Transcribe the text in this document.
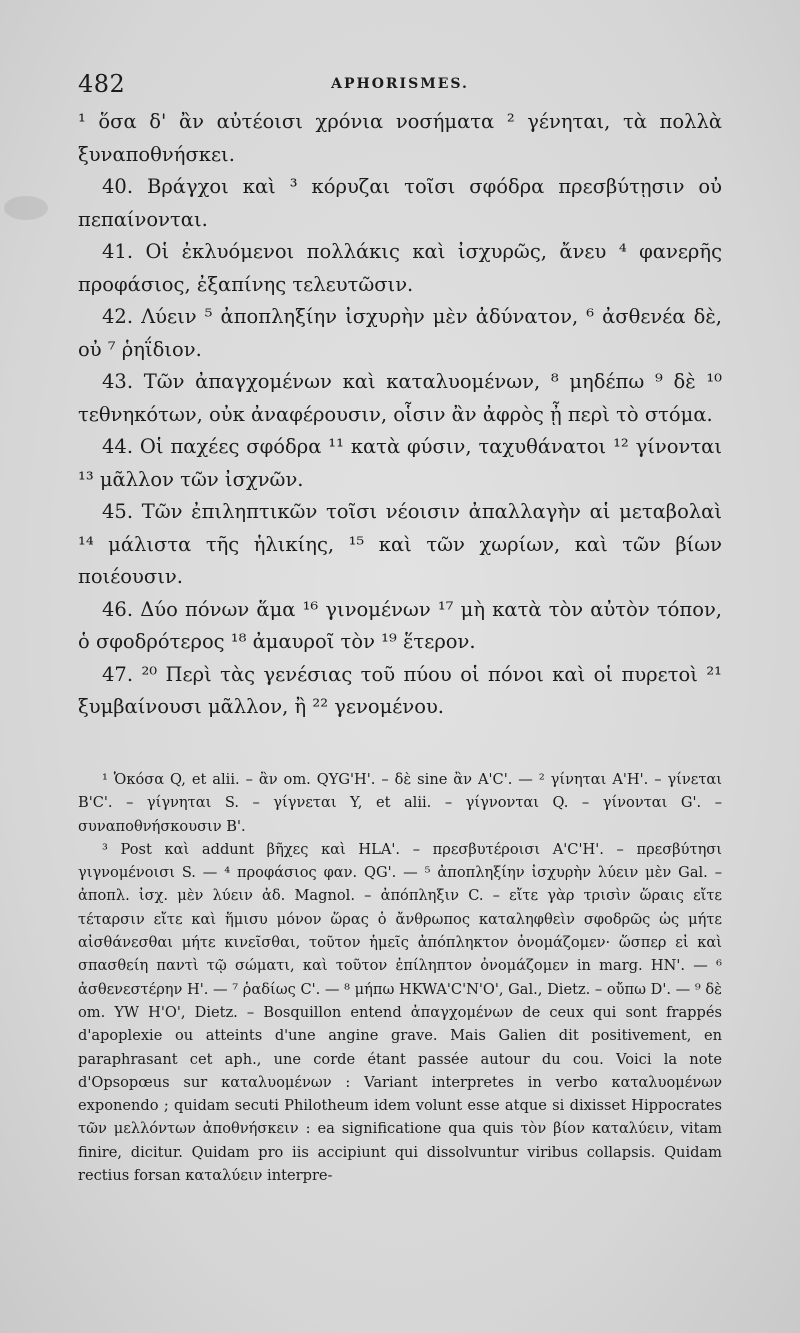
482	APHORISMES.

¹ ὅσα δ' ἂν αὐτέοισι χρόνια νοσήματα ² γένηται, τὰ πολλὰ ξυναποθνήσκει.

40. Βράγχοι καὶ ³ κόρυζαι τοῖσι σφόδρα πρεσβύτῃσιν οὐ πεπαίνονται.

41. Οἱ ἐκλυόμενοι πολλάκις καὶ ἰσχυρῶς, ἄνευ ⁴ φανερῆς προφάσιος, ἐξαπίνης τελευτῶσιν.

42. Λύειν ⁵ ἀποπληξίην ἰσχυρὴν μὲν ἀδύνατον, ⁶ ἀσθενέα δὲ, οὐ ⁷ ῥηΐδιον.

43. Τῶν ἀπαγχομένων καὶ καταλυομένων, ⁸ μηδέπω ⁹ δὲ ¹⁰ τεθνηκότων, οὐκ ἀναφέρουσιν, οἷσιν ἂν ἀφρὸς ᾖ περὶ τὸ στόμα.

44. Οἱ παχέες σφόδρα ¹¹ κατὰ φύσιν, ταχυθάνατοι ¹² γίνονται ¹³ μᾶλλον τῶν ἰσχνῶν.

45. Τῶν ἐπιληπτικῶν τοῖσι νέοισιν ἀπαλλαγὴν αἱ μεταβολαὶ ¹⁴ μάλιστα τῆς ἡλικίης, ¹⁵ καὶ τῶν χωρίων, καὶ τῶν βίων ποιέουσιν.

46. Δύο πόνων ἅμα ¹⁶ γινομένων ¹⁷ μὴ κατὰ τὸν αὐτὸν τόπον, ὁ σφοδρότερος ¹⁸ ἀμαυροῖ τὸν ¹⁹ ἕτερον.

47. ²⁰ Περὶ τὰς γενέσιας τοῦ πύου οἱ πόνοι καὶ οἱ πυρετοὶ ²¹ ξυμβαίνουσι μᾶλλον, ἢ ²² γενομένου.

¹ Ὁκόσα Q, et alii. – ἂν om. QYG'H'. – δὲ sine ἂν A'C'. — ² γίνηται A'H'. – γίνεται B'C'. – γίγνηται S. – γίγνεται Y, et alii. – γίγνονται Q. – γίνονται G'. – συναποθνήσκουσιν B'.

³ Post καὶ addunt βῆχες καὶ HLA'. – πρεσβυτέροισι A'C'H'. – πρεσβύτησι γιγνομένοισι S. — ⁴ προφάσιος φαν. QG'. — ⁵ ἀποπληξίην ἰσχυρὴν λύειν μὲν Gal. – ἀποπλ. ἰσχ. μὲν λύειν ἀδ. Magnol. – ἀπόπληξιν C. – εἴτε γὰρ τρισὶν ὥραις εἴτε τέταρσιν εἴτε καὶ ἥμισυ μόνον ὥρας ὁ ἄνθρωπος καταληφθεὶν σφοδρῶς ὡς μήτε αἰσθάνεσθαι μήτε κινεῖσθαι, τοῦτον ἡμεῖς ἀπόπληκτον ὀνομάζομεν· ὥσπερ εἰ καὶ σπασθείη παντὶ τῷ σώματι, καὶ τοῦτον ἐπίληπτον ὀνομάζομεν in marg. HN'. — ⁶ ἀσθενεστέρην H'. — ⁷ ῥαδίως C'. — ⁸ μήπω HKWA'C'N'O', Gal., Dietz. – οὔπω D'. — ⁹ δὲ om. YW H'O', Dietz. – Bosquillon entend ἀπαγχομένων de ceux qui sont frappés d'apoplexie ou atteints d'une angine grave. Mais Galien dit positivement, en paraphrasant cet aph., une corde étant passée autour du cou. Voici la note d'Opsopœus sur καταλυομένων : Variant interpretes in verbo καταλυομένων exponendo ; quidam secuti Philotheum idem volunt esse atque si dixisset Hippocrates τῶν μελλόντων ἀποθνήσκειν : ea significatione qua quis τὸν βίον καταλύειν, vitam finire, dicitur. Quidam pro iis accipiunt qui dissolvuntur viribus collapsis. Quidam rectius forsan καταλύειν interpre-
